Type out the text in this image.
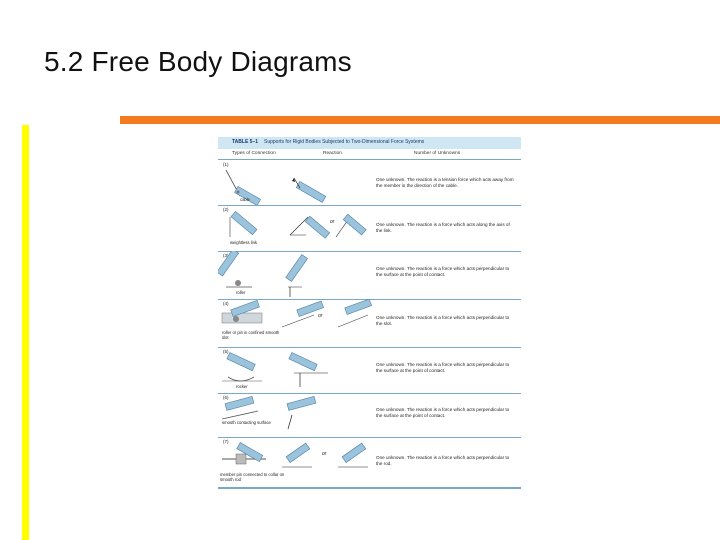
5.2 Free Body Diagrams
TABLE 5–1 Supports for Rigid Bodies Subjected to Two-Dimensional Force Systems
Types of Connection	Reaction	Number of Unknowns
(1)
cable
One unknown. The reaction is a tension force which acts away from the member in the direction of the cable.
(2)
or
weightless link
One unknown. The reaction is a force which acts along the axis of the link.
(3)
roller
One unknown. The reaction is a force which acts perpendicular to the surface at the point of contact.
(4)
or
roller or pin in confined smooth slot
One unknown. The reaction is a force which acts perpendicular to the slot.
(5)
rocker
One unknown. The reaction is a force which acts perpendicular to the surface at the point of contact.
(6)
smooth contacting surface
One unknown. The reaction is a force which acts perpendicular to the surface at the point of contact.
(7)
or
member pin connected to collar on smooth rod
One unknown. The reaction is a force which acts perpendicular to the rod.
